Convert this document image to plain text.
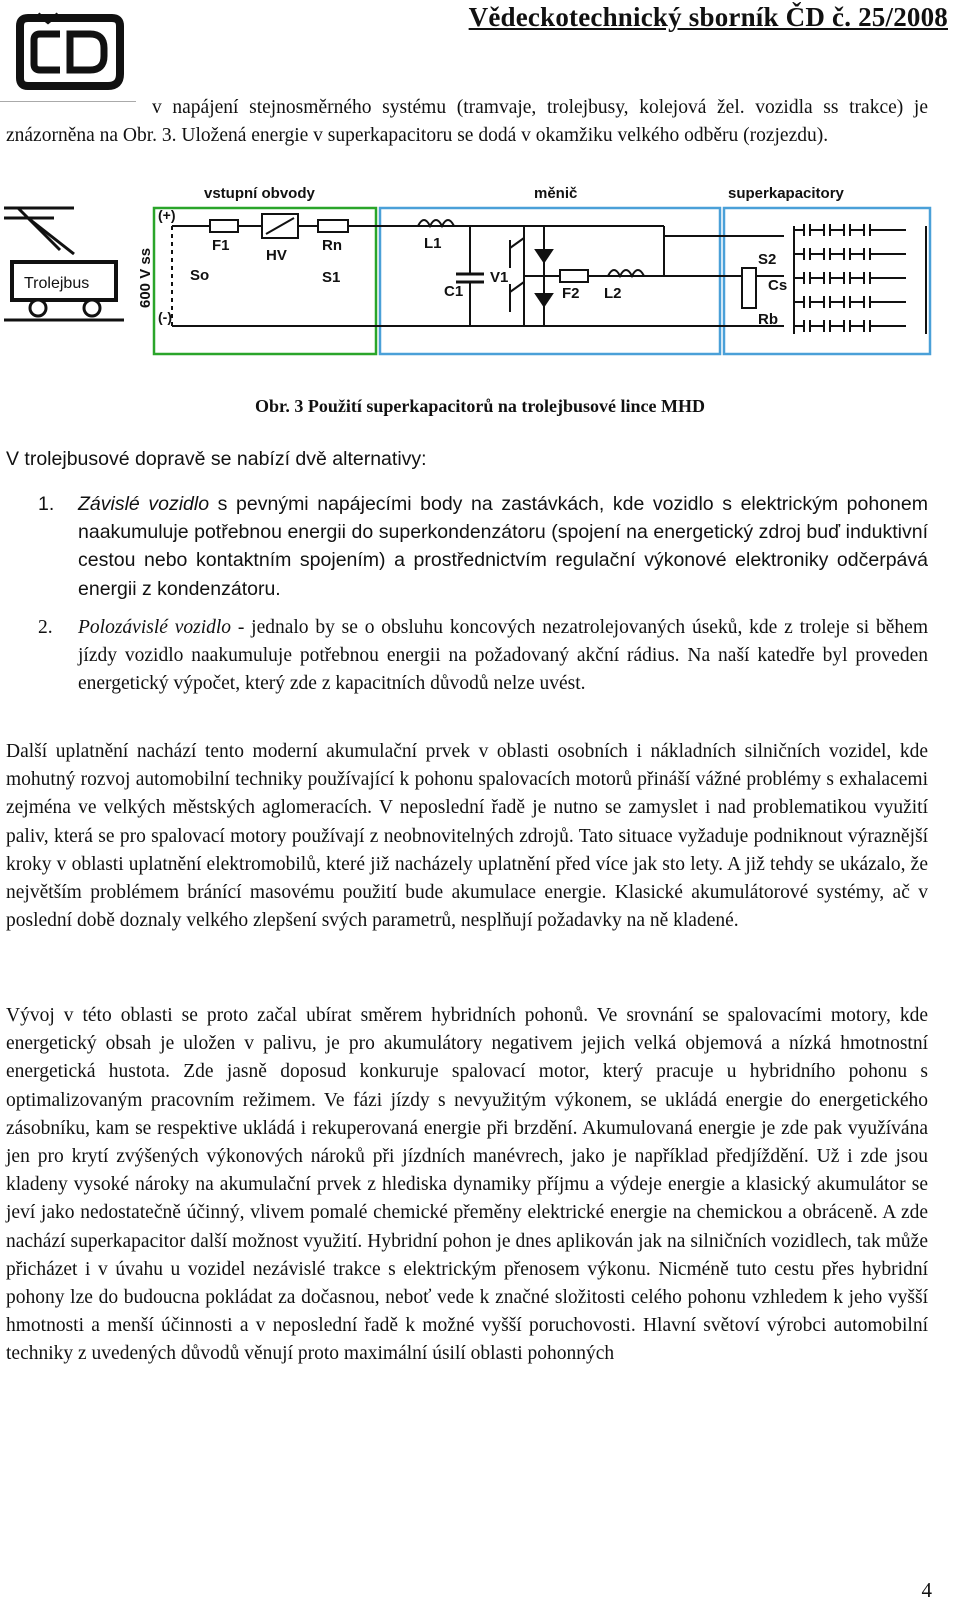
Vědeckotechnický sborník ČD č. 25/2008

v napájení stejnosměrného systému (tramvaje, trolejbusy, kolejová žel. vozidla ss trakce) je znázorněna na Obr. 3. Uložená energie v superkapacitoru se dodá v okamžiku velkého odběru (rozjezdu).

Trolejbus	600 V ss
vstupní obvody	měnič	superkapacitory
(+)
(-)
So
F1
HV
Rn
S1
L1
C1
V1
F2 L2
S2
Cs
Rb
Obr. 3 Použití superkapacitorů na trolejbusové lince MHD
V trolejbusové dopravě se nabízí dvě alternativy:
1. Závislé vozidlo s pevnými napájecími body na zastávkách, kde vozidlo s elektrickým pohonem naakumuluje potřebnou energii do superkondenzátoru (spojení na energetický zdroj buď induktivní cestou nebo kontaktním spojením) a prostřednictvím regulační výkonové elektroniky odčerpává energii z kondenzátoru.
2. Polozávislé vozidlo - jednalo by se o obsluhu koncových nezatrolejovaných úseků, kde z troleje si během jízdy vozidlo naakumuluje potřebnou energii na požadovaný akční rádius. Na naší katedře byl proveden energetický výpočet, který zde z kapacitních důvodů nelze uvést.

Další uplatnění nachází tento moderní akumulační prvek v oblasti osobních i nákladních silničních vozidel, kde mohutný rozvoj automobilní techniky používající k pohonu spalovacích motorů přináší vážné problémy s exhalacemi zejména ve velkých městských aglomeracích. V neposlední řadě je nutno se zamyslet i nad problematikou využití paliv, která se pro spalovací motory používají z neobnovitelných zdrojů. Tato situace vyžaduje podniknout výraznější kroky v oblasti uplatnění elektromobilů, které již nacházely uplatnění před více jak sto lety. A již tehdy se ukázalo, že největším problémem bránící masovému použití bude akumulace energie. Klasické akumulátorové systémy, ač v poslední době doznaly velkého zlepšení svých parametrů, nesplňují požadavky na ně kladené.

Vývoj v této oblasti se proto začal ubírat směrem hybridních pohonů. Ve srovnání se spalovacími motory, kde energetický obsah je uložen v palivu, je pro akumulátory negativem jejich velká objemová a nízká hmotnostní energetická hustota. Zde jasně doposud konkuruje spalovací motor, který pracuje u hybridního pohonu s optimalizovaným pracovním režimem. Ve fázi jízdy s nevyužitým výkonem, se ukládá energie do energetického zásobníku, kam se respektive ukládá i rekuperovaná energie při brzdění. Akumulovaná energie je zde pak využívána jen pro krytí zvýšených výkonových nároků při jízdních manévrech, jako je například předjíždění. Už i zde jsou kladeny vysoké nároky na akumulační prvek z hlediska dynamiky příjmu a výdeje energie a klasický akumulátor se jeví jako nedostatečně účinný, vlivem pomalé chemické přeměny elektrické energie na chemickou a obráceně. A zde nachází superkapacitor další možnost využití. Hybridní pohon je dnes aplikován jak na silničních vozidlech, tak může přicházet i v úvahu u vozidel nezávislé trakce s elektrickým přenosem výkonu. Nicméně tuto cestu přes hybridní pohony lze do budoucna pokládat za dočasnou, neboť vede k značné složitosti celého pohonu vzhledem k jeho vyšší hmotnosti a menší účinnosti a v neposlední řadě k možné vyšší poruchovosti. Hlavní světoví výrobci automobilní techniky z uvedených důvodů věnují proto maximální úsilí oblasti pohonných

4
